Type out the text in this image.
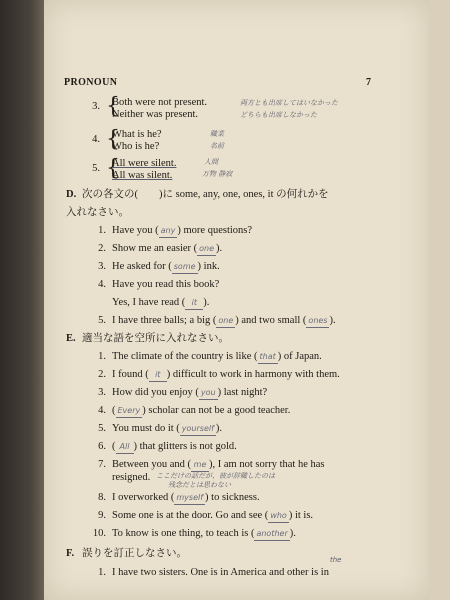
PRONOUN	7
3. {
Both were not present.
Neither was present.
両方とも出席してはいなかった
どちらも出席しなかった
4. {
What is he?
Who is he?
職業
名前
5. {
All were silent.
All was silent.
人間
万物 静寂
D. 次の各文の(　　)に some, any, one, ones, it の何れかを
入れなさい。
1. Have you ( any ) more questions?
2. Show me an easier ( one ).
3. He asked for ( some ) ink.
4. Have you read this book?
Yes, I have read ( it ).
5. I have three balls; a big ( one ) and two small ( ones ).
E. 適当な語を空所に入れなさい。
1. The climate of the country is like ( that ) of Japan.
2. I found ( it ) difficult to work in harmony with them.
3. How did you enjoy ( you ) last night?
4. ( Every ) scholar can not be a good teacher.
5. You must do it ( yourself ).
6. ( All ) that glitters is not gold.
7. Between you and ( me ), I am not sorry that he has
resigned. ここだけの話だが、彼が辞職したのは
残念だとは思わない
8. I overworked ( myself ) to sickness.
9. Some one is at the door. Go and see ( who ) it is.
10. To know is one thing, to teach is ( another ).
F. 誤りを訂正しなさい。
1. I have two sisters. One is in America and other is in
the
